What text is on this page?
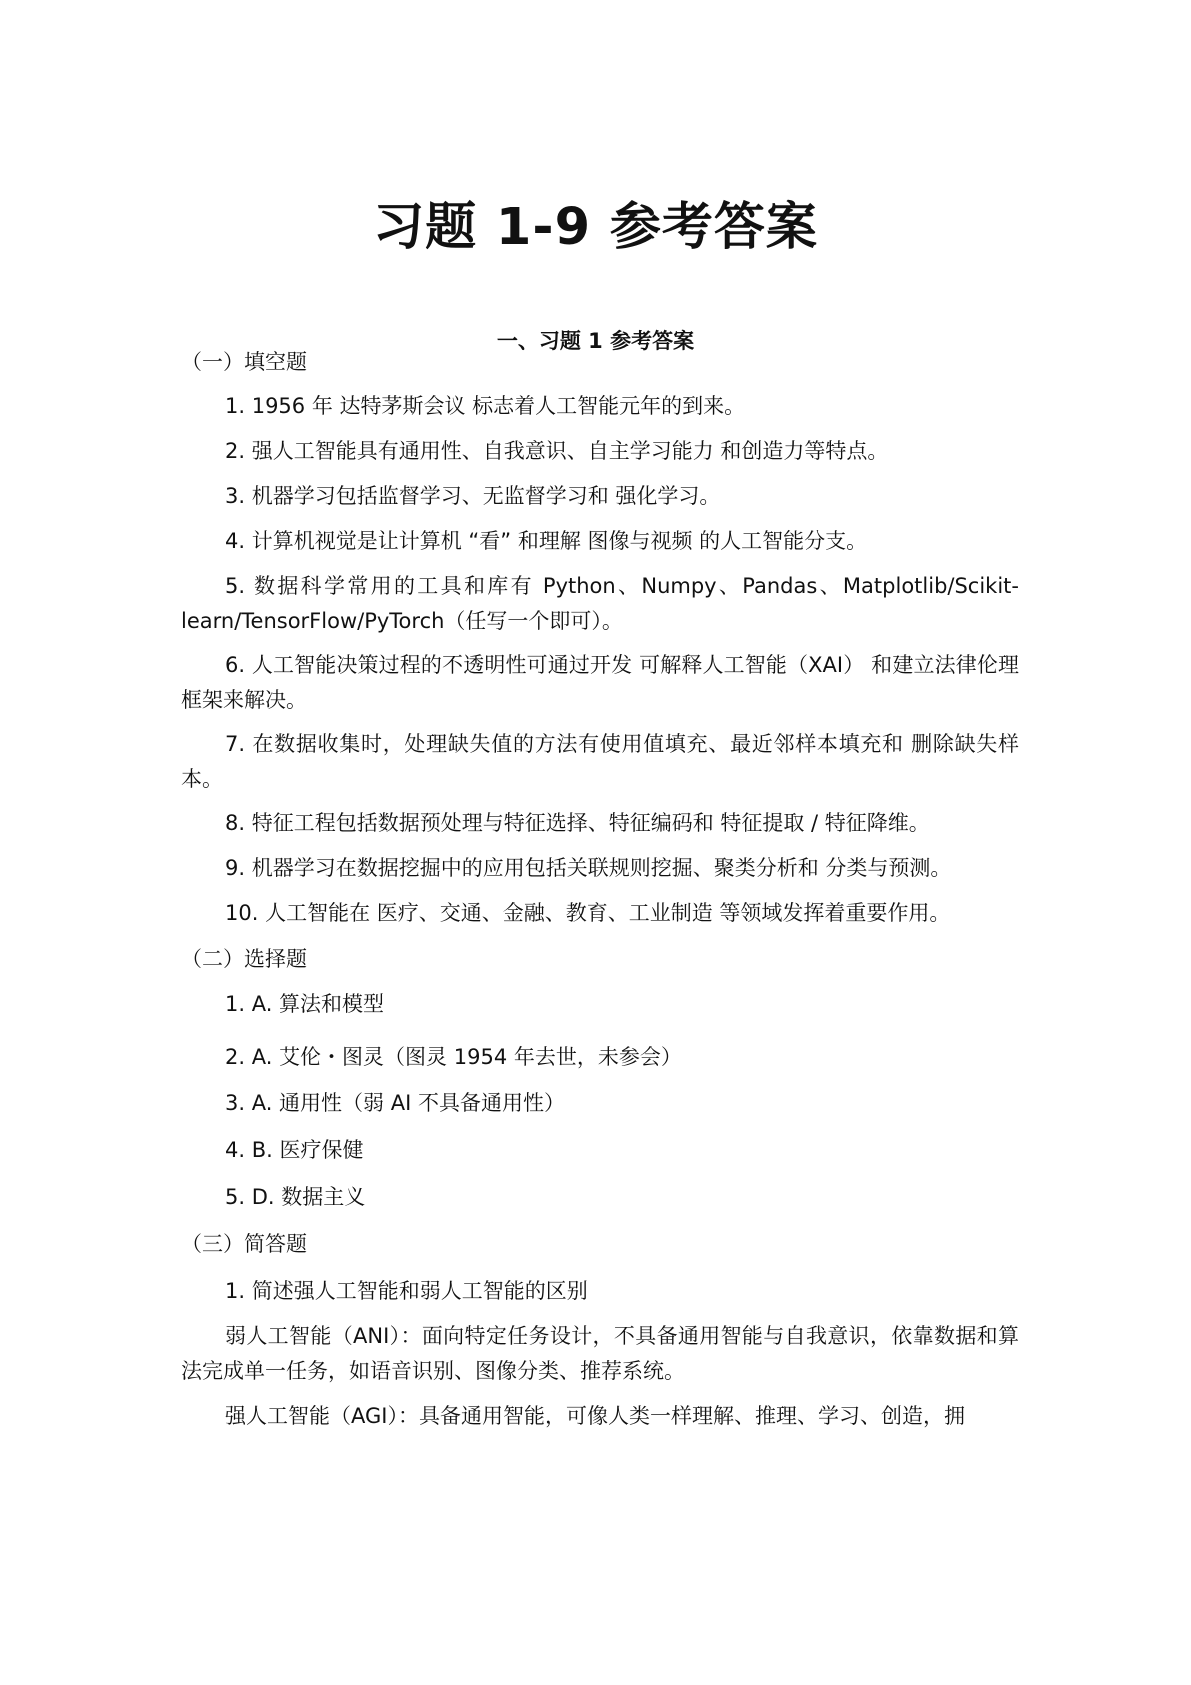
习题 1-9 参考答案
一、习题 1 参考答案
（一）填空题
1. 1956 年 达特茅斯会议 标志着人工智能元年的到来。
2. 强人工智能具有通用性、自我意识、自主学习能力 和创造力等特点。
3. 机器学习包括监督学习、无监督学习和 强化学习。
4. 计算机视觉是让计算机 “看” 和理解 图像与视频 的人工智能分支。
5. 数据科学常用的工具和库有 Python、Numpy、Pandas、Matplotlib/Scikit-learn/TensorFlow/PyTorch（任写一个即可）。
6. 人工智能决策过程的不透明性可通过开发 可解释人工智能（XAI） 和建立法律伦理框架来解决。
7. 在数据收集时，处理缺失值的方法有使用值填充、最近邻样本填充和 删除缺失样本。
8. 特征工程包括数据预处理与特征选择、特征编码和 特征提取 / 特征降维。
9. 机器学习在数据挖掘中的应用包括关联规则挖掘、聚类分析和 分类与预测。
10. 人工智能在 医疗、交通、金融、教育、工业制造 等领域发挥着重要作用。
（二）选择题
1. A. 算法和模型
2. A. 艾伦・图灵（图灵 1954 年去世，未参会）
3. A. 通用性（弱 AI 不具备通用性）
4. B. 医疗保健
5. D. 数据主义
（三）简答题
1. 简述强人工智能和弱人工智能的区别
弱人工智能（ANI）：面向特定任务设计，不具备通用智能与自我意识，依靠数据和算法完成单一任务，如语音识别、图像分类、推荐系统。
强人工智能（AGI）：具备通用智能，可像人类一样理解、推理、学习、创造，拥
